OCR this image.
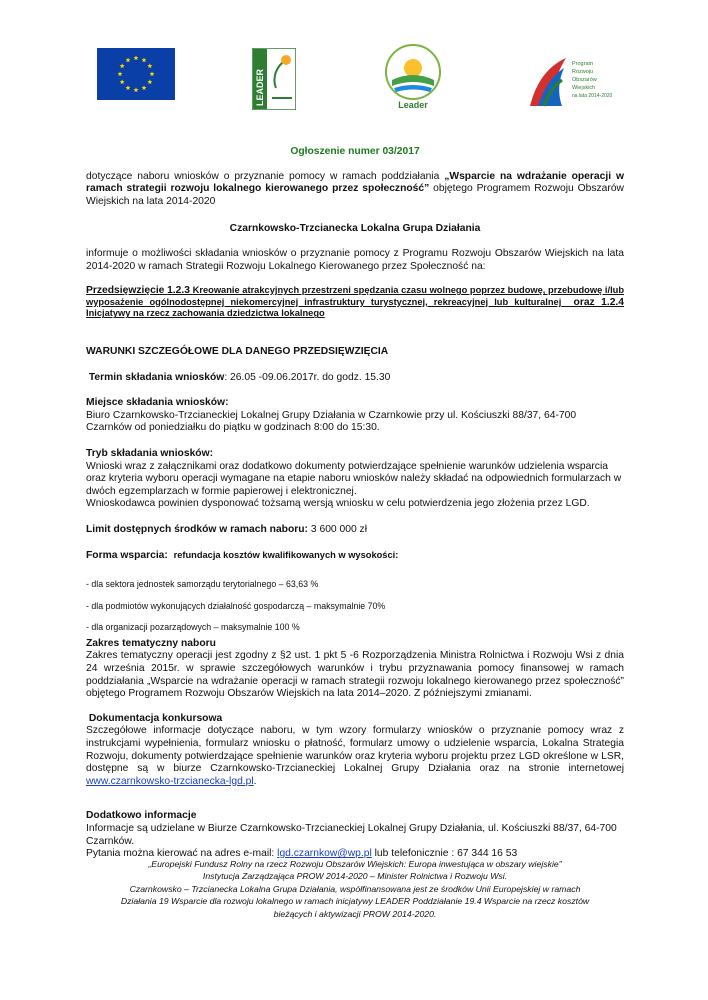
LEADER	Leader
Program
Rozwoju
Obszarów
Wiejskich
na lata 2014-2020

Ogłoszenie numer 03/2017

dotyczące naboru wniosków o przyznanie pomocy w ramach poddziałania „Wsparcie na wdrażanie operacji w ramach strategii rozwoju lokalnego kierowanego przez społeczność” objętego Programem Rozwoju Obszarów Wiejskich na lata 2014-2020

Czarnkowsko-Trzcianecka Lokalna Grupa Działania

informuje o możliwości składania wniosków o przyznanie pomocy z Programu Rozwoju Obszarów Wiejskich na lata 2014-2020 w ramach Strategii Rozwoju Lokalnego Kierowanego przez Społeczność na:

Przedsięwzięcie 1.2.3 Kreowanie atrakcyjnych przestrzeni spędzania czasu wolnego poprzez budowę, przebudowę i/lub wyposażenie ogólnodostępnej niekomercyjnej infrastruktury turystycznej, rekreacyjnej lub kulturalnej oraz 1.2.4 Inicjatywy na rzecz zachowania dziedzictwa lokalnego

WARUNKI SZCZEGÓŁOWE DLA DANEGO PRZEDSIĘWZIĘCIA

Termin składania wniosków: 26.05 -09.06.2017r. do godz. 15.30

Miejsce składania wniosków:

Biuro Czarnkowsko-Trzcianeckiej Lokalnej Grupy Działania w Czarnkowie przy ul. Kościuszki 88/37, 64-700 Czarnków od poniedziałku do piątku w godzinach 8:00 do 15:30.

Tryb składania wniosków:

Wnioski wraz z załącznikami oraz dodatkowo dokumenty potwierdzające spełnienie warunków udzielenia wsparcia oraz kryteria wyboru operacji wymagane na etapie naboru wniosków należy składać na odpowiednich formularzach w dwóch egzemplarzach w formie papierowej i elektronicznej.

Wnioskodawca powinien dysponować tożsamą wersją wniosku w celu potwierdzenia jego złożenia przez LGD.

Limit dostępnych środków w ramach naboru: 3 600 000 zł

Forma wsparcia: refundacja kosztów kwalifikowanych w wysokości:

- dla sektora jednostek samorządu terytorialnego – 63,63 %

- dla podmiotów wykonujących działalność gospodarczą – maksymalnie 70%

- dla organizacji pozarządowych – maksymalnie 100 %

Zakres tematyczny naboru

Zakres tematyczny operacji jest zgodny z §2 ust. 1 pkt 5 -6 Rozporządzenia Ministra Rolnictwa i Rozwoju Wsi z dnia 24 września 2015r. w sprawie szczegółowych warunków i trybu przyznawania pomocy finansowej w ramach poddziałania „Wsparcie na wdrażanie operacji w ramach strategii rozwoju lokalnego kierowanego przez społeczność” objętego Programem Rozwoju Obszarów Wiejskich na lata 2014–2020. Z późniejszymi zmianami.

Dokumentacja konkursowa

Szczegółowe informacje dotyczące naboru, w tym wzory formularzy wniosków o przyznanie pomocy wraz z instrukcjami wypełnienia, formularz wniosku o płatność, formularz umowy o udzielenie wsparcia, Lokalna Strategia Rozwoju, dokumenty potwierdzające spełnienie warunków oraz kryteria wyboru projektu przez LGD określone w LSR, dostępne są w biurze Czarnkowsko-Trzcianeckiej Lokalnej Grupy Działania oraz na stronie internetowej www.czarnkowsko-trzcianecka-lgd.pl.

Dodatkowo informacje

Informacje są udzielane w Biurze Czarnkowsko-Trzcianeckiej Lokalnej Grupy Działania, ul. Kościuszki 88/37, 64-700 Czarnków.

Pytania można kierować na adres e-mail: lgd.czarnkow@wp.pl lub telefonicznie : 67 344 16 53

„Europejski Fundusz Rolny na rzecz Rozwoju Obszarów Wiejskich: Europa inwestująca w obszary wiejskie”
Instytucja Zarządzająca PROW 2014-2020 – Minister Rolnictwa i Rozwoju Wsi.
Czarnkowsko – Trzcianecka Lokalna Grupa Działania, współfinansowana jest ze środków Unii Europejskiej w ramach
Działania 19 Wsparcie dla rozwoju lokalnego w ramach inicjatywy LEADER Poddziałanie 19.4 Wsparcie na rzecz kosztów
bieżących i aktywizacji PROW 2014-2020.
